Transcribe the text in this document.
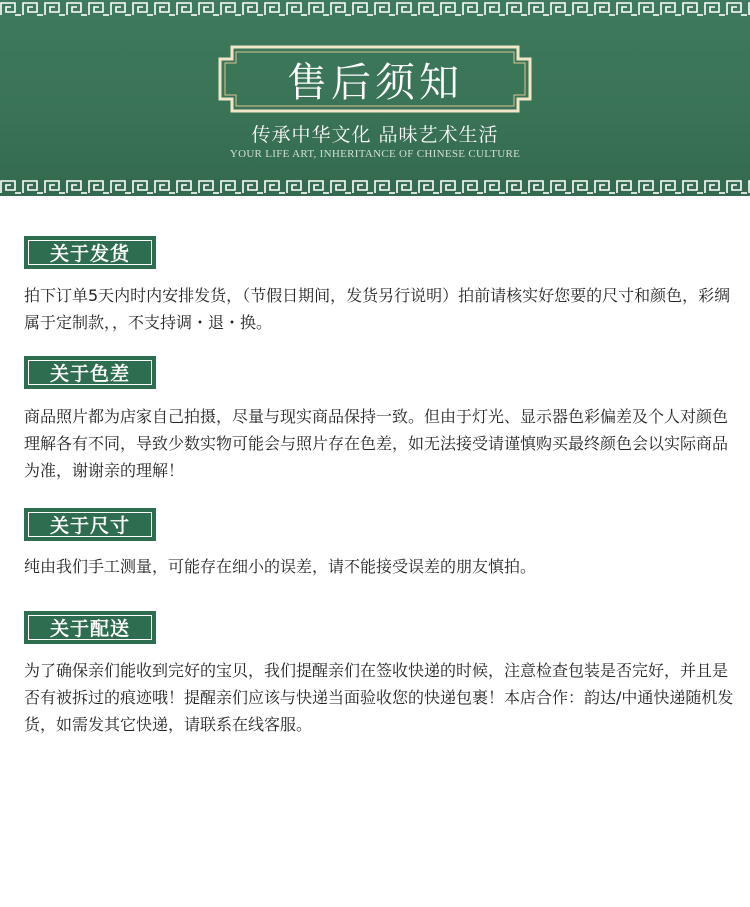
售后须知
传承中华文化 品味艺术生活
YOUR LIFE ART, INHERITANCE OF CHINESE CULTURE
关于发货
拍下订单5天内时内安排发货，（节假日期间，发货另行说明）拍前请核实好您要的尺寸和颜色，彩绸属于定制款，，不支持调・退・换。
关于色差
商品照片都为店家自己拍摄，尽量与现实商品保持一致。但由于灯光、显示器色彩偏差及个人对颜色理解各有不同，导致少数实物可能会与照片存在色差，如无法接受请谨慎购买最终颜色会以实际商品为准，谢谢亲的理解！
关于尺寸
纯由我们手工测量，可能存在细小的误差，请不能接受误差的朋友慎拍。
关于配送
为了确保亲们能收到完好的宝贝，我们提醒亲们在签收快递的时候，注意检查包装是否完好，并且是否有被拆过的痕迹哦！提醒亲们应该与快递当面验收您的快递包裹！本店合作：韵达/中通快递随机发货，如需发其它快递，请联系在线客服。
